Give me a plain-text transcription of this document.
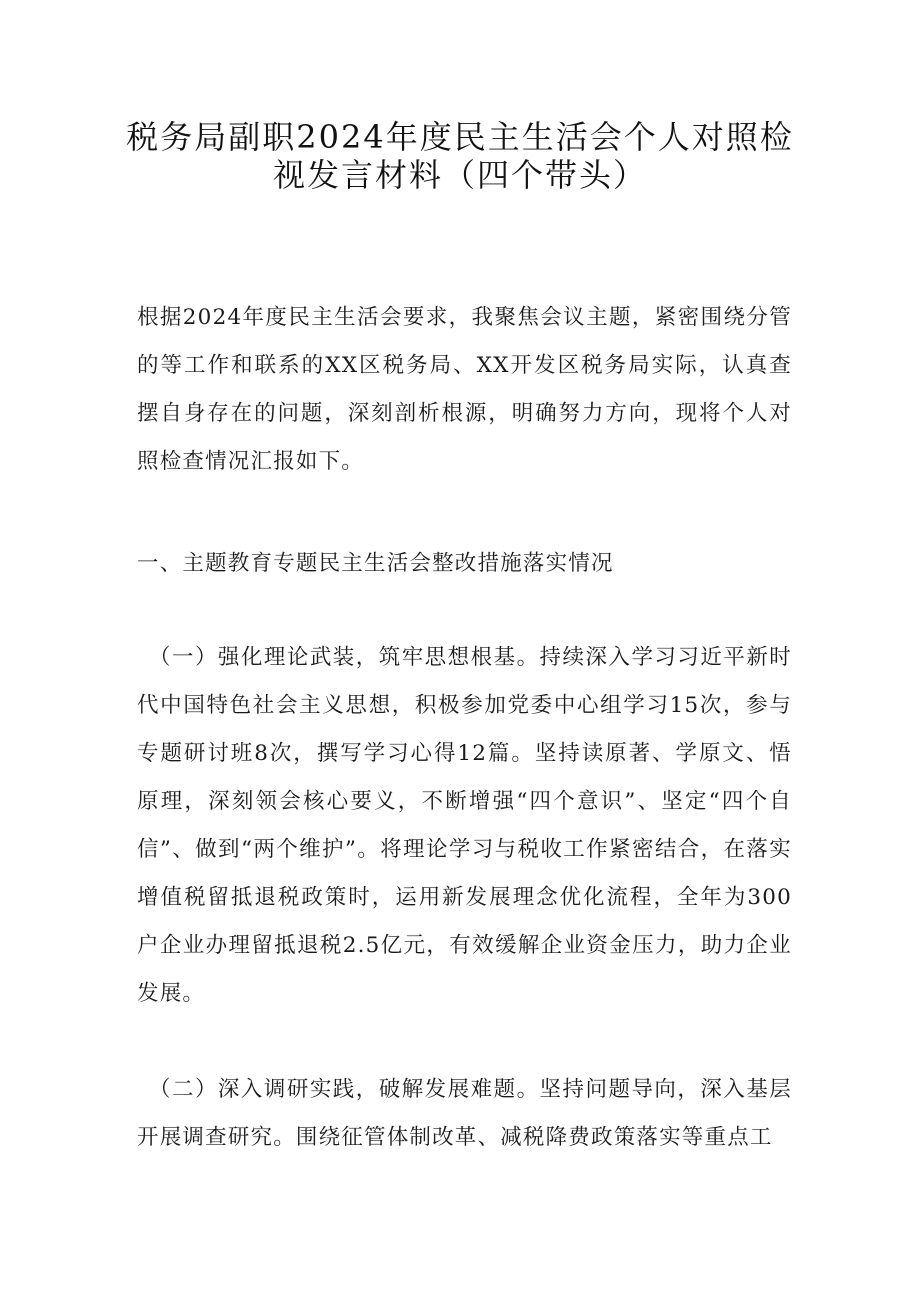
税务局副职2024年度民主生活会个人对照检
视发言材料（四个带头）

根据2024年度民主生活会要求，我聚焦会议主题，紧密围绕分管的等工作和联系的XX区税务局、XX开发区税务局实际，认真查摆自身存在的问题，深刻剖析根源，明确努力方向，现将个人对照检查情况汇报如下。

一、主题教育专题民主生活会整改措施落实情况

（一）强化理论武装，筑牢思想根基。持续深入学习习近平新时代中国特色社会主义思想，积极参加党委中心组学习15次，参与专题研讨班8次，撰写学习心得12篇。坚持读原著、学原文、悟原理，深刻领会核心要义，不断增强“四个意识”、坚定“四个自信”、做到“两个维护”。将理论学习与税收工作紧密结合，在落实增值税留抵退税政策时，运用新发展理念优化流程，全年为300户企业办理留抵退税2.5亿元，有效缓解企业资金压力，助力企业发展。

（二）深入调研实践，破解发展难题。坚持问题导向，深入基层开展调查研究。围绕征管体制改革、减税降费政策落实等重点工
